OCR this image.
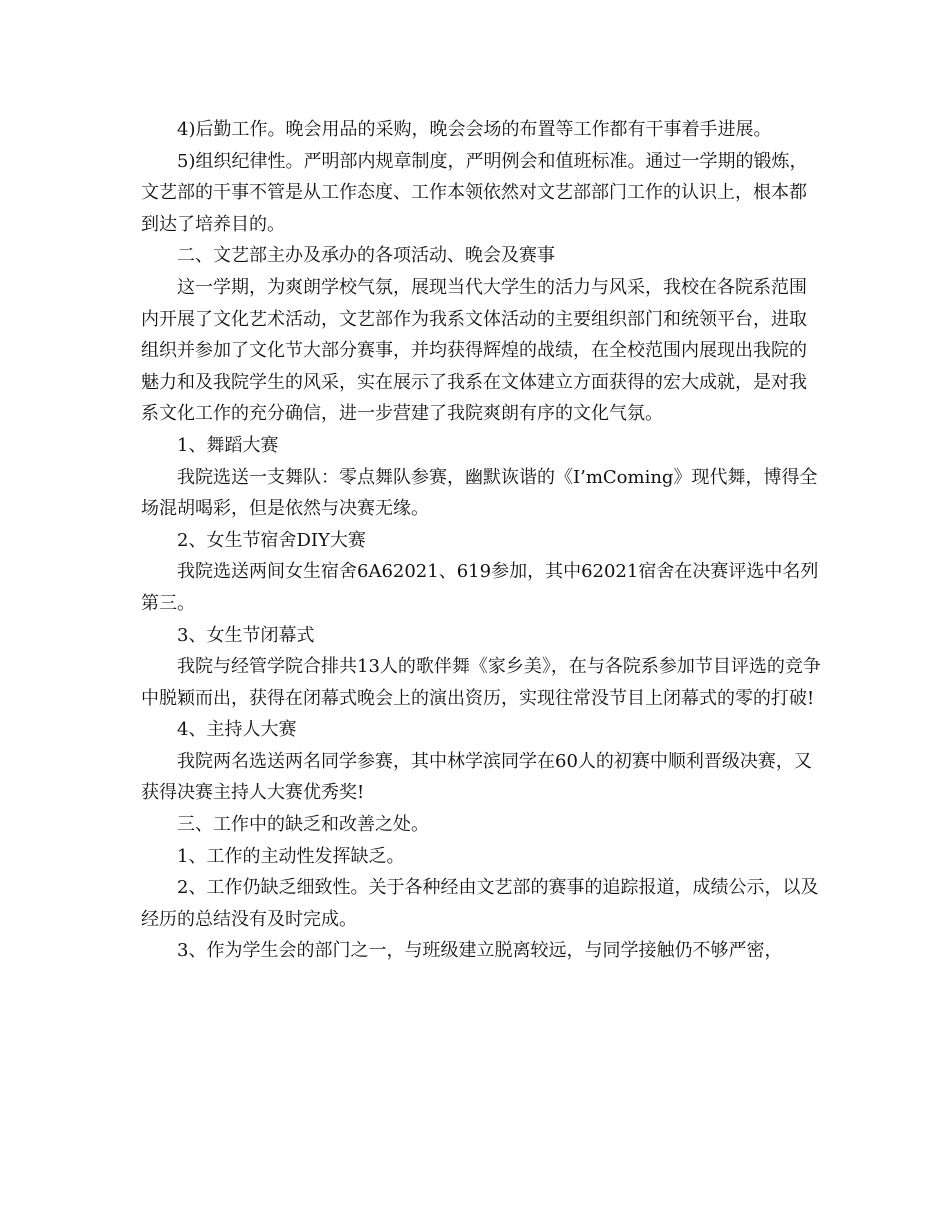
4)后勤工作。晚会用品的采购，晚会会场的布置等工作都有干事着手进展。

5)组织纪律性。严明部内规章制度，严明例会和值班标准。通过一学期的锻炼，文艺部的干事不管是从工作态度、工作本领依然对文艺部部门工作的认识上，根本都到达了培养目的。

二、文艺部主办及承办的各项活动、晚会及赛事

这一学期，为爽朗学校气氛，展现当代大学生的活力与风采，我校在各院系范围内开展了文化艺术活动，文艺部作为我系文体活动的主要组织部门和统领平台，进取组织并参加了文化节大部分赛事，并均获得辉煌的战绩，在全校范围内展现出我院的魅力和及我院学生的风采，实在展示了我系在文体建立方面获得的宏大成就，是对我系文化工作的充分确信，进一步营建了我院爽朗有序的文化气氛。

1、舞蹈大赛

我院选送一支舞队：零点舞队参赛，幽默诙谐的《I’mComing》现代舞，博得全场混胡喝彩，但是依然与决赛无缘。

2、女生节宿舍DIY大赛

我院选送两间女生宿舍6A62021、619参加，其中62021宿舍在决赛评选中名列第三。

3、女生节闭幕式

我院与经管学院合排共13人的歌伴舞《家乡美》，在与各院系参加节目评选的竞争中脱颖而出，获得在闭幕式晚会上的演出资历，实现往常没节目上闭幕式的零的打破!

4、主持人大赛

我院两名选送两名同学参赛，其中林学滨同学在60人的初赛中顺利晋级决赛，又获得决赛主持人大赛优秀奖!

三、工作中的缺乏和改善之处。

1、工作的主动性发挥缺乏。

2、工作仍缺乏细致性。关于各种经由文艺部的赛事的追踪报道，成绩公示，以及经历的总结没有及时完成。

3、作为学生会的部门之一，与班级建立脱离较远，与同学接触仍不够严密，
